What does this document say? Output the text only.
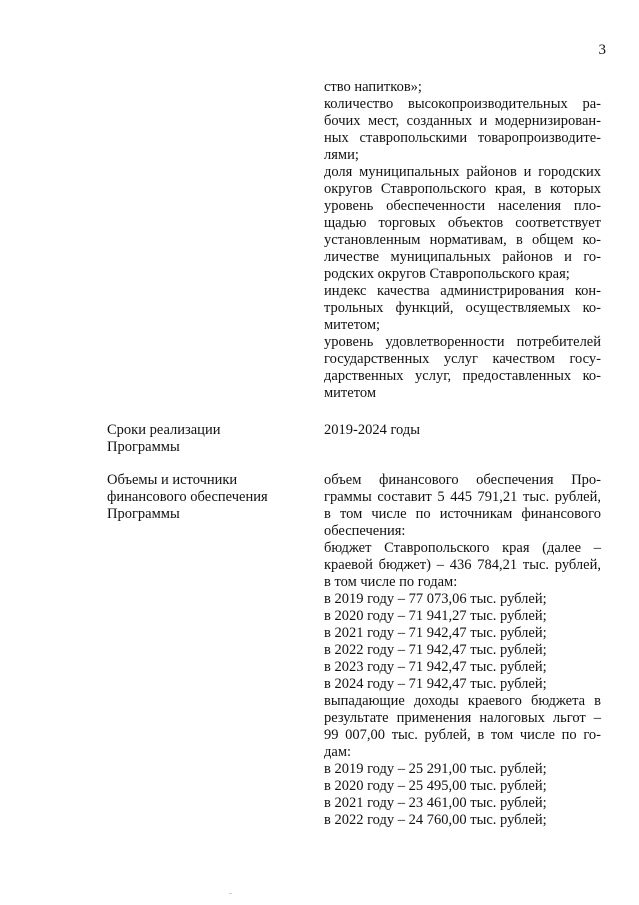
3
ство напитков»;
количество высокопроизводительных ра-
бочих мест, созданных и модернизирован-
ных ставропольскими товаропроизводите-
лями;
доля муниципальных районов и городских
округов Ставропольского края, в которых
уровень обеспеченности населения пло-
щадью торговых объектов соответствует
установленным нормативам, в общем ко-
личестве муниципальных районов и го-
родских округов Ставропольского края;
индекс качества администрирования кон-
трольных функций, осуществляемых ко-
митетом;
уровень удовлетворенности потребителей
государственных услуг качеством госу-
дарственных услуг, предоставленных ко-
митетом
Сроки реализации
Программы
2019-2024 годы
Объемы и источники
финансового обеспечения
Программы
объем финансового обеспечения Про-
граммы составит 5 445 791,21 тыс. рублей,
в том числе по источникам финансового
обеспечения:
бюджет Ставропольского края (далее –
краевой бюджет) – 436 784,21 тыс. рублей,
в том числе по годам:
в 2019 году – 77 073,06 тыс. рублей;
в 2020 году – 71 941,27 тыс. рублей;
в 2021 году – 71 942,47 тыс. рублей;
в 2022 году – 71 942,47 тыс. рублей;
в 2023 году – 71 942,47 тыс. рублей;
в 2024 году – 71 942,47 тыс. рублей;
выпадающие доходы краевого бюджета в
результате применения налоговых льгот –
99 007,00 тыс. рублей, в том числе по го-
дам:
в 2019 году – 25 291,00 тыс. рублей;
в 2020 году – 25 495,00 тыс. рублей;
в 2021 году – 23 461,00 тыс. рублей;
в 2022 году – 24 760,00 тыс. рублей;
